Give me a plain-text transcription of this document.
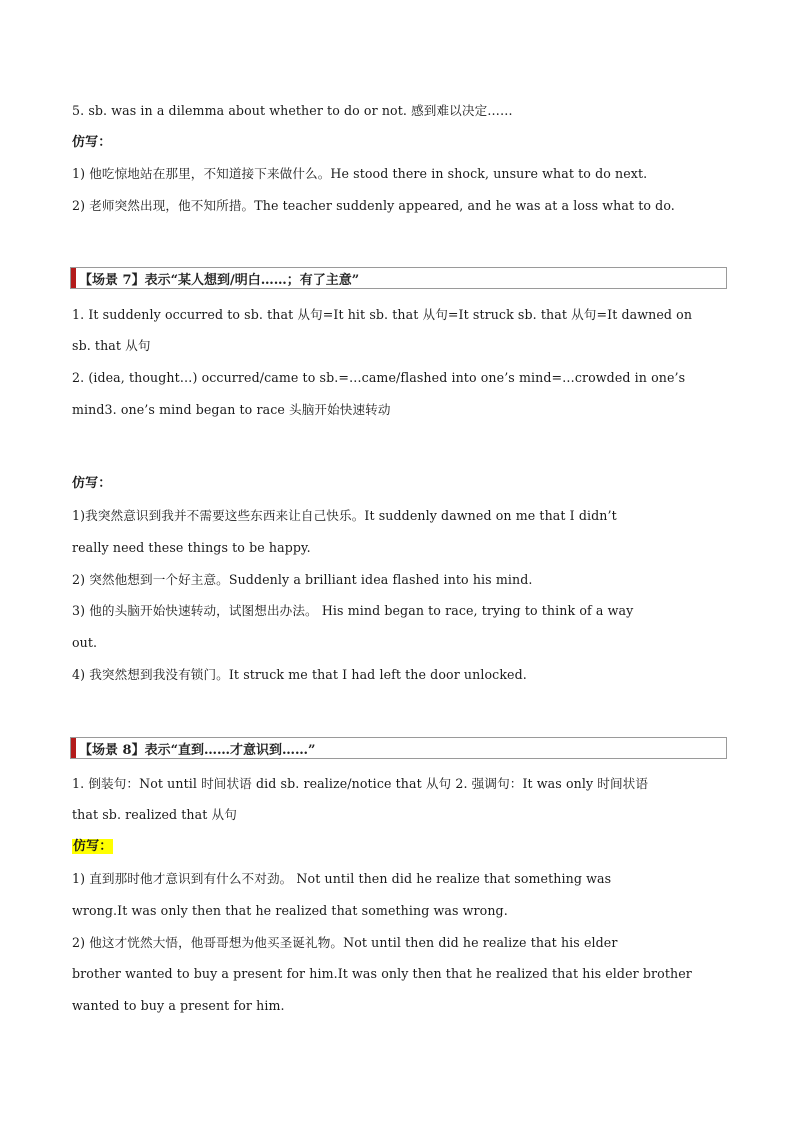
5. sb. was in a dilemma about whether to do or not. 感到难以决定……
仿写：
1) 他吃惊地站在那里，不知道接下来做什么。He stood there in shock, unsure what to do next.
2) 老师突然出现，他不知所措。The teacher suddenly appeared, and he was at a loss what to do.
【场景 7】表示“某人想到/明白……；有了主意”
1. It suddenly occurred to sb. that 从句=It hit sb. that 从句=It struck sb. that 从句=It dawned on
sb. that 从句
2. (idea, thought…) occurred/came to sb.=…came/flashed into one’s mind=…crowded in one’s
mind3. one’s mind began to race 头脑开始快速转动
仿写：
1)我突然意识到我并不需要这些东西来让自己快乐。It suddenly dawned on me that I didn’t
really need these things to be happy.
2) 突然他想到一个好主意。Suddenly a brilliant idea flashed into his mind.
3) 他的头脑开始快速转动，试图想出办法。 His mind began to race, trying to think of a way
out.
4) 我突然想到我没有锁门。It struck me that I had left the door unlocked.
【场景 8】表示“直到……才意识到……”
1. 倒装句：Not until 时间状语 did sb. realize/notice that 从句 2. 强调句：It was only 时间状语
that sb. realized that 从句
仿写：
1) 直到那时他才意识到有什么不对劲。 Not until then did he realize that something was
wrong.It was only then that he realized that something was wrong.
2) 他这才恍然大悟，他哥哥想为他买圣诞礼物。Not until then did he realize that his elder
brother wanted to buy a present for him.It was only then that he realized that his elder brother
wanted to buy a present for him.
